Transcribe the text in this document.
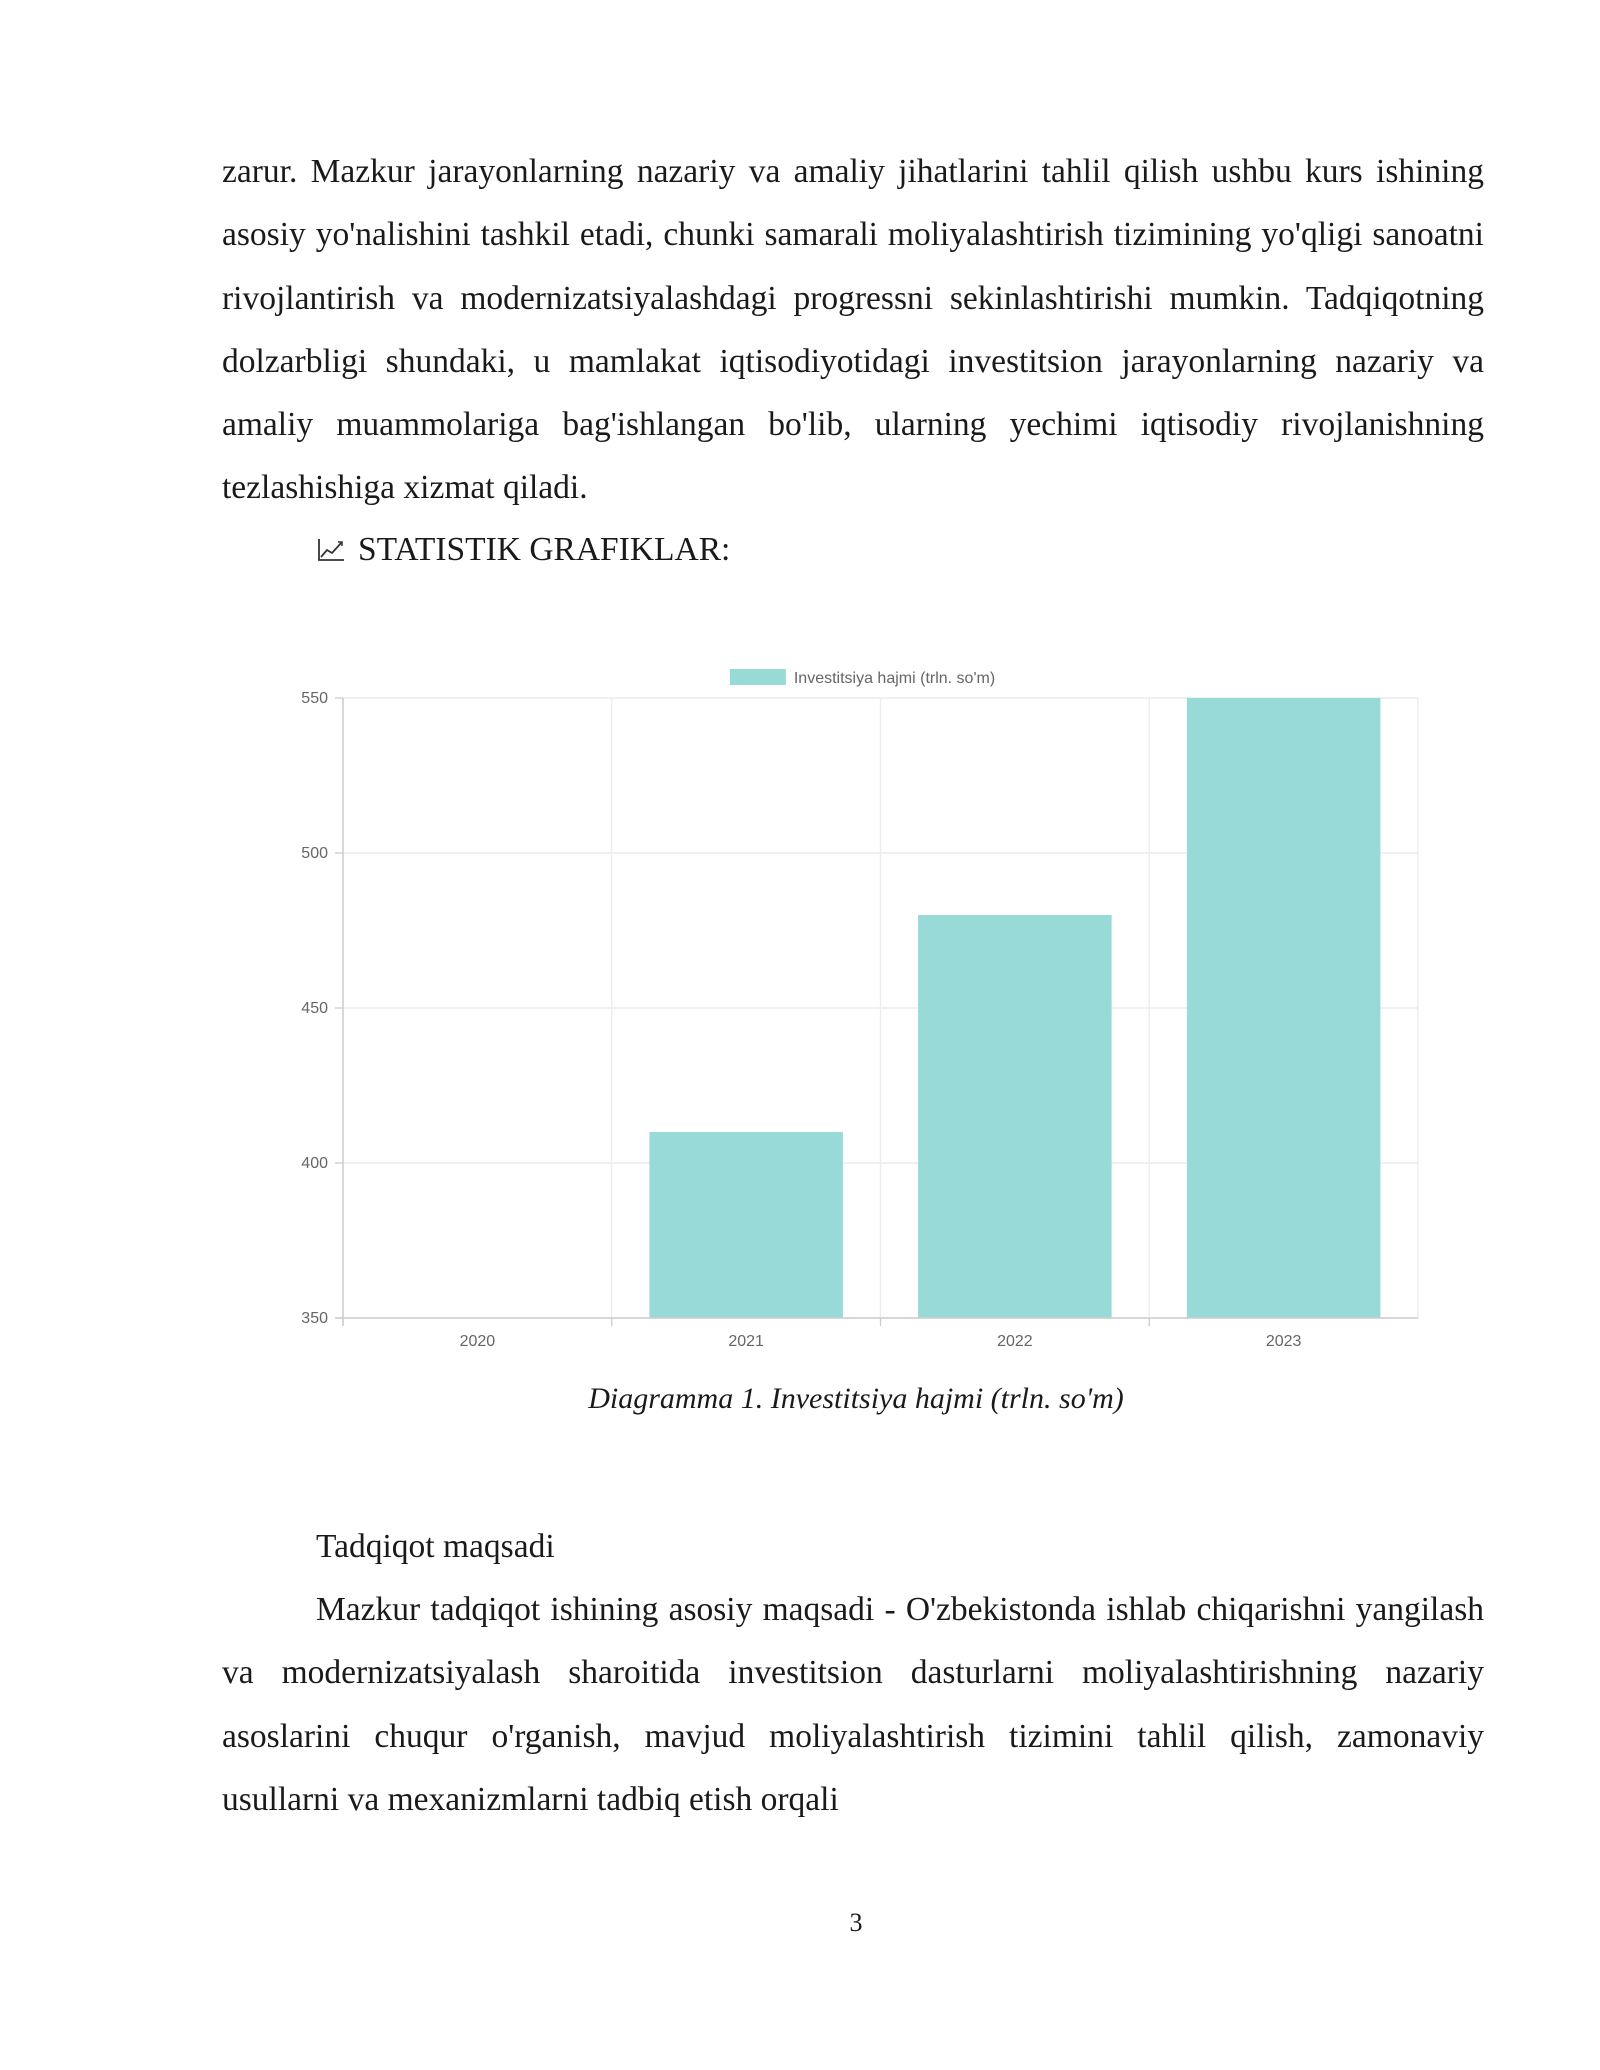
zarur. Mazkur jarayonlarning nazariy va amaliy jihatlarini tahlil qilish ushbu kurs ishining asosiy yo'nalishini tashkil etadi, chunki samarali moliyalashtirish tizimining yo'qligi sanoatni rivojlantirish va modernizatsiyalashdagi progressni sekinlashtirishi mumkin. Tadqiqotning dolzarbligi shundaki, u mamlakat iqtisodiyotidagi investitsion jarayonlarning nazariy va amaliy muammolariga bag'ishlangan bo'lib, ularning yechimi iqtisodiy rivojlanishning tezlashishiga xizmat qiladi.

STATISTIK GRAFIKLAR:
350
400
450
500
550
2020	2021	2022	2023
Investitsiya hajmi (trln. so'm)

Diagramma 1. Investitsiya hajmi (trln. so'm)

Tadqiqot maqsadi

Mazkur tadqiqot ishining asosiy maqsadi - O'zbekistonda ishlab chiqarishni yangilash va modernizatsiyalash sharoitida investitsion dasturlarni moliyalashtirishning nazariy asoslarini chuqur o'rganish, mavjud moliyalashtirish tizimini tahlil qilish, zamonaviy usullarni va mexanizmlarni tadbiq etish orqali

3
